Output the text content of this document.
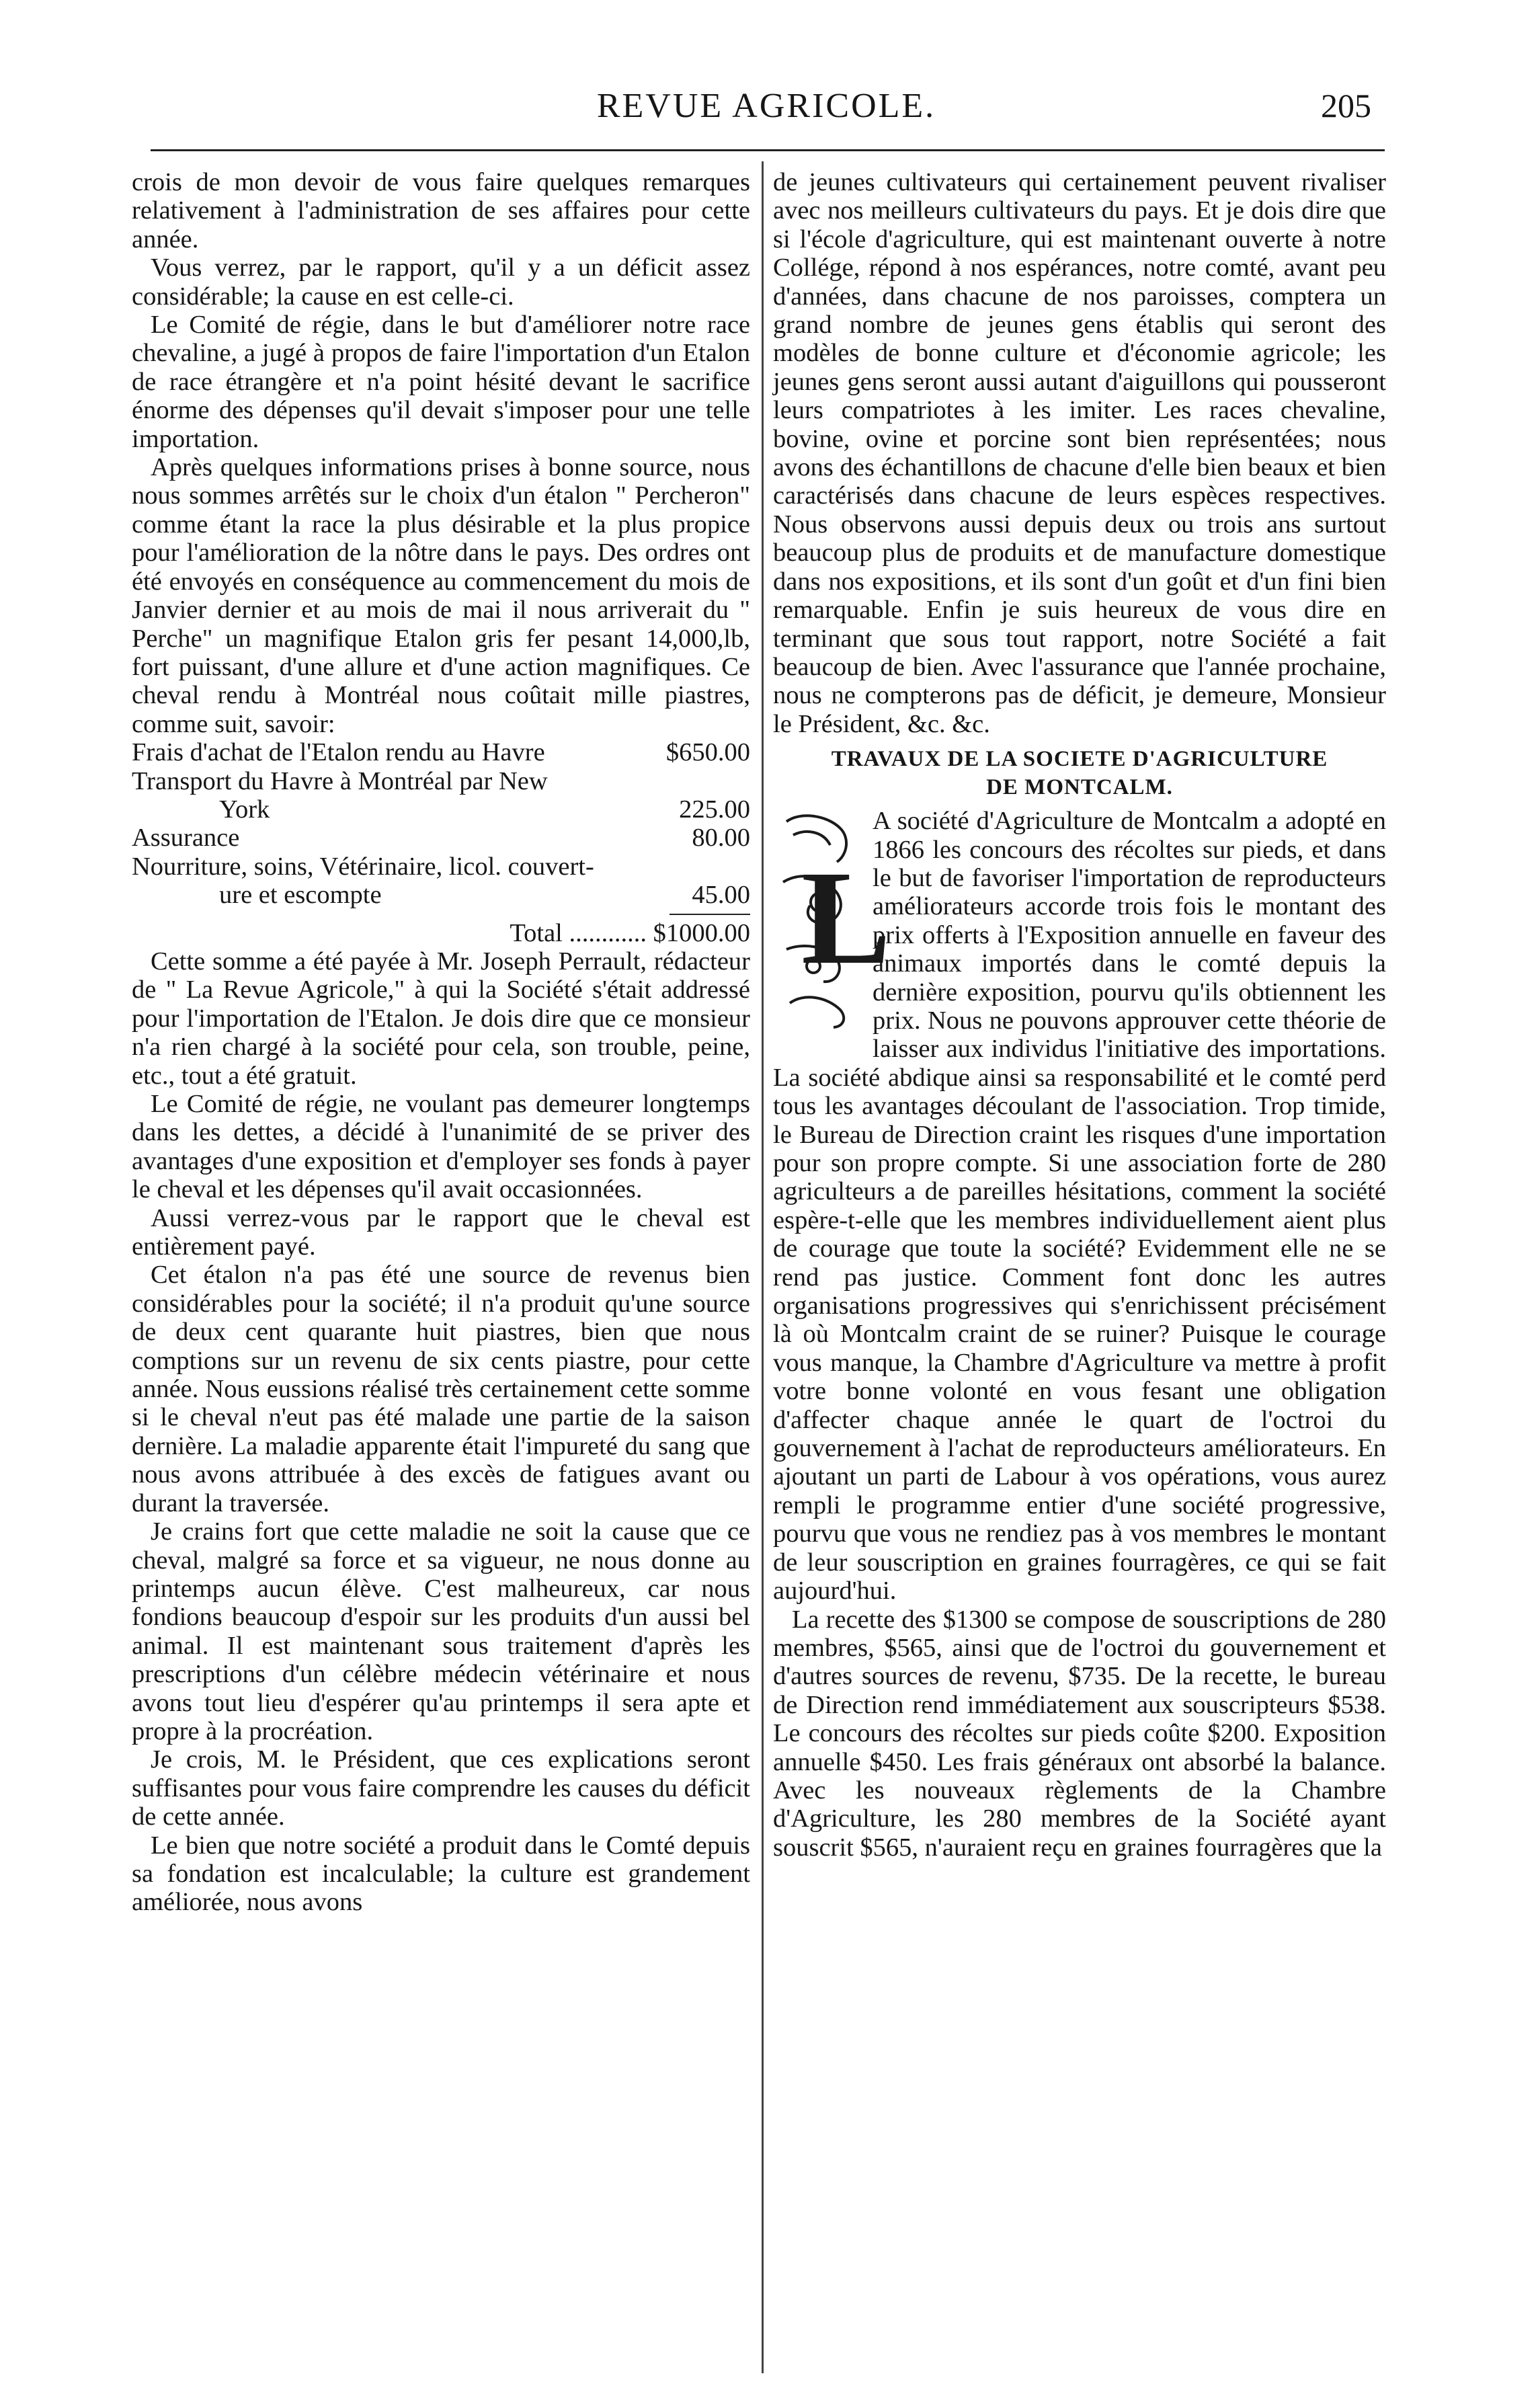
REVUE AGRICOLE.	205

crois de mon devoir de vous faire quelques remarques relativement à l'administration de ses affaires pour cette année.

Vous verrez, par le rapport, qu'il y a un déficit assez considérable; la cause en est celle-ci.

Le Comité de régie, dans le but d'améliorer notre race chevaline, a jugé à propos de faire l'importation d'un Etalon de race étrangère et n'a point hésité devant le sacrifice énorme des dépenses qu'il devait s'imposer pour une telle importation.

Après quelques informations prises à bonne source, nous nous sommes arrêtés sur le choix d'un étalon " Percheron" comme étant la race la plus désirable et la plus propice pour l'amélioration de la nôtre dans le pays. Des ordres ont été envoyés en conséquence au commencement du mois de Janvier dernier et au mois de mai il nous arriverait du " Perche" un magnifique Etalon gris fer pesant 14,000,lb, fort puissant, d'une allure et d'une action magnifiques. Ce cheval rendu à Montréal nous coûtait mille piastres, comme suit, savoir:

Frais d'achat de l'Etalon rendu au Havre	$650.00
Transport du Havre à Montréal par New
York	225.00
Assurance	80.00
Nourriture, soins, Vétérinaire, licol. couvert-
ure et escompte	45.00
Total ............ $1000.00

Cette somme a été payée à Mr. Joseph Perrault, rédacteur de " La Revue Agricole," à qui la Société s'était addressé pour l'importation de l'Etalon. Je dois dire que ce monsieur n'a rien chargé à la société pour cela, son trouble, peine, etc., tout a été gratuit.

Le Comité de régie, ne voulant pas demeurer longtemps dans les dettes, a décidé à l'unanimité de se priver des avantages d'une exposition et d'employer ses fonds à payer le cheval et les dépenses qu'il avait occasionnées.

Aussi verrez-vous par le rapport que le cheval est entièrement payé.

Cet étalon n'a pas été une source de revenus bien considérables pour la société; il n'a produit qu'une source de deux cent quarante huit piastres, bien que nous comptions sur un revenu de six cents piastre, pour cette année. Nous eussions réalisé très certainement cette somme si le cheval n'eut pas été malade une partie de la saison dernière. La maladie apparente était l'impureté du sang que nous avons attribuée à des excès de fatigues avant ou durant la traversée.

Je crains fort que cette maladie ne soit la cause que ce cheval, malgré sa force et sa vigueur, ne nous donne au printemps aucun élève. C'est malheureux, car nous fondions beaucoup d'espoir sur les produits d'un aussi bel animal. Il est maintenant sous traitement d'après les prescriptions d'un célèbre médecin vétérinaire et nous avons tout lieu d'espérer qu'au printemps il sera apte et propre à la procréation.

Je crois, M. le Président, que ces explications seront suffisantes pour vous faire comprendre les causes du déficit de cette année.

Le bien que notre société a produit dans le Comté depuis sa fondation est incalculable; la culture est grandement améliorée, nous avons

de jeunes cultivateurs qui certainement peuvent rivaliser avec nos meilleurs cultivateurs du pays. Et je dois dire que si l'école d'agriculture, qui est maintenant ouverte à notre Collége, répond à nos espérances, notre comté, avant peu d'années, dans chacune de nos paroisses, comptera un grand nombre de jeunes gens établis qui seront des modèles de bonne culture et d'économie agricole; les jeunes gens seront aussi autant d'aiguillons qui pousseront leurs compatriotes à les imiter. Les races chevaline, bovine, ovine et porcine sont bien représentées; nous avons des échantillons de chacune d'elle bien beaux et bien caractérisés dans chacune de leurs espèces respectives. Nous observons aussi depuis deux ou trois ans surtout beaucoup plus de produits et de manufacture domestique dans nos expositions, et ils sont d'un goût et d'un fini bien remarquable. Enfin je suis heureux de vous dire en terminant que sous tout rapport, notre Société a fait beaucoup de bien. Avec l'assurance que l'année prochaine, nous ne compterons pas de déficit, je demeure, Monsieur le Président, &c. &c.

TRAVAUX DE LA SOCIETE D'AGRICULTURE
DE MONTCALM.
L

A société d'Agriculture de Montcalm a adopté en 1866 les concours des récoltes sur pieds, et dans le but de favoriser l'importation de reproducteurs améliorateurs accorde trois fois le montant des prix offerts à l'Exposition annuelle en faveur des animaux importés dans le comté depuis la dernière exposition, pourvu qu'ils obtiennent les prix. Nous ne pouvons approuver cette théorie de laisser aux individus l'initiative des importations. La société abdique ainsi sa responsabilité et le comté perd tous les avantages découlant de l'association. Trop timide, le Bureau de Direction craint les risques d'une importation pour son propre compte. Si une association forte de 280 agriculteurs a de pareilles hésitations, comment la société espère-t-elle que les membres individuellement aient plus de courage que toute la société? Evidemment elle ne se rend pas justice. Comment font donc les autres organisations progressives qui s'enrichissent précisément là où Montcalm craint de se ruiner? Puisque le courage vous manque, la Chambre d'Agriculture va mettre à profit votre bonne volonté en vous fesant une obligation d'affecter chaque année le quart de l'octroi du gouvernement à l'achat de reproducteurs améliorateurs. En ajoutant un parti de Labour à vos opérations, vous aurez rempli le programme entier d'une société progressive, pourvu que vous ne rendiez pas à vos membres le montant de leur souscription en graines fourragères, ce qui se fait aujourd'hui.

La recette des $1300 se compose de souscriptions de 280 membres, $565, ainsi que de l'octroi du gouvernement et d'autres sources de revenu, $735. De la recette, le bureau de Direction rend immédiatement aux souscripteurs $538. Le concours des récoltes sur pieds coûte $200. Exposition annuelle $450. Les frais généraux ont absorbé la balance. Avec les nouveaux règlements de la Chambre d'Agriculture, les 280 membres de la Société ayant souscrit $565, n'auraient reçu en graines fourragères que la
